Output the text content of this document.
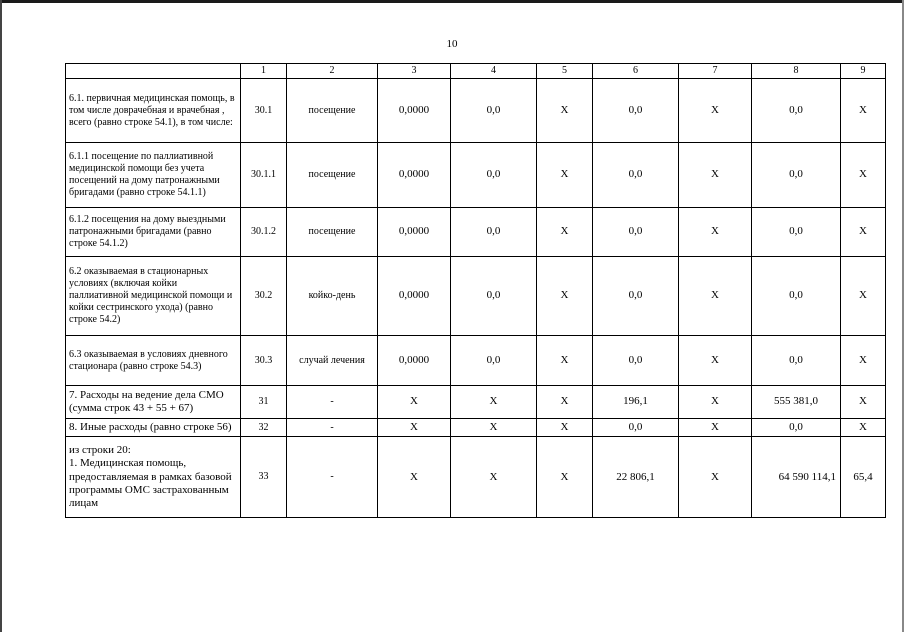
10
	1	2	3	4	5	6	7	8	9
6.1. первичная медицинская помощь, в том числе доврачебная и врачебная , всего (равно строке 54.1), в том числе:	30.1	посещение	0,0000	0,0	X	0,0	X	0,0	X
6.1.1 посещение по паллиативной медицинской помощи без учета посещений на дому патронажными бригадами (равно строке 54.1.1)	30.1.1	посещение	0,0000	0,0	X	0,0	X	0,0	X
6.1.2 посещения на дому выездными патронажными бригадами (равно строке 54.1.2)	30.1.2	посещение	0,0000	0,0	X	0,0	X	0,0	X
6.2 оказываемая в стационарных условиях (включая койки паллиативной медицинской помощи и койки сестринского ухода) (равно строке 54.2)	30.2	койко-день	0,0000	0,0	X	0,0	X	0,0	X
6.3 оказываемая в условиях дневного стационара (равно строке 54.3)	30.3	случай лечения	0,0000	0,0	X	0,0	X	0,0	X
7. Расходы на ведение дела СМО (сумма строк 43 + 55 + 67)	31	-	X	X	X	196,1	X	555 381,0	X
8. Иные расходы (равно строке 56)	32	-	X	X	X	0,0	X	0,0	X

из строки 20:
1. Медицинская помощь, предоставляемая в рамках базовой программы ОМС застрахованным лицам	33	-	X	X	X	22 806,1	X	64 590 114,1	65,4
